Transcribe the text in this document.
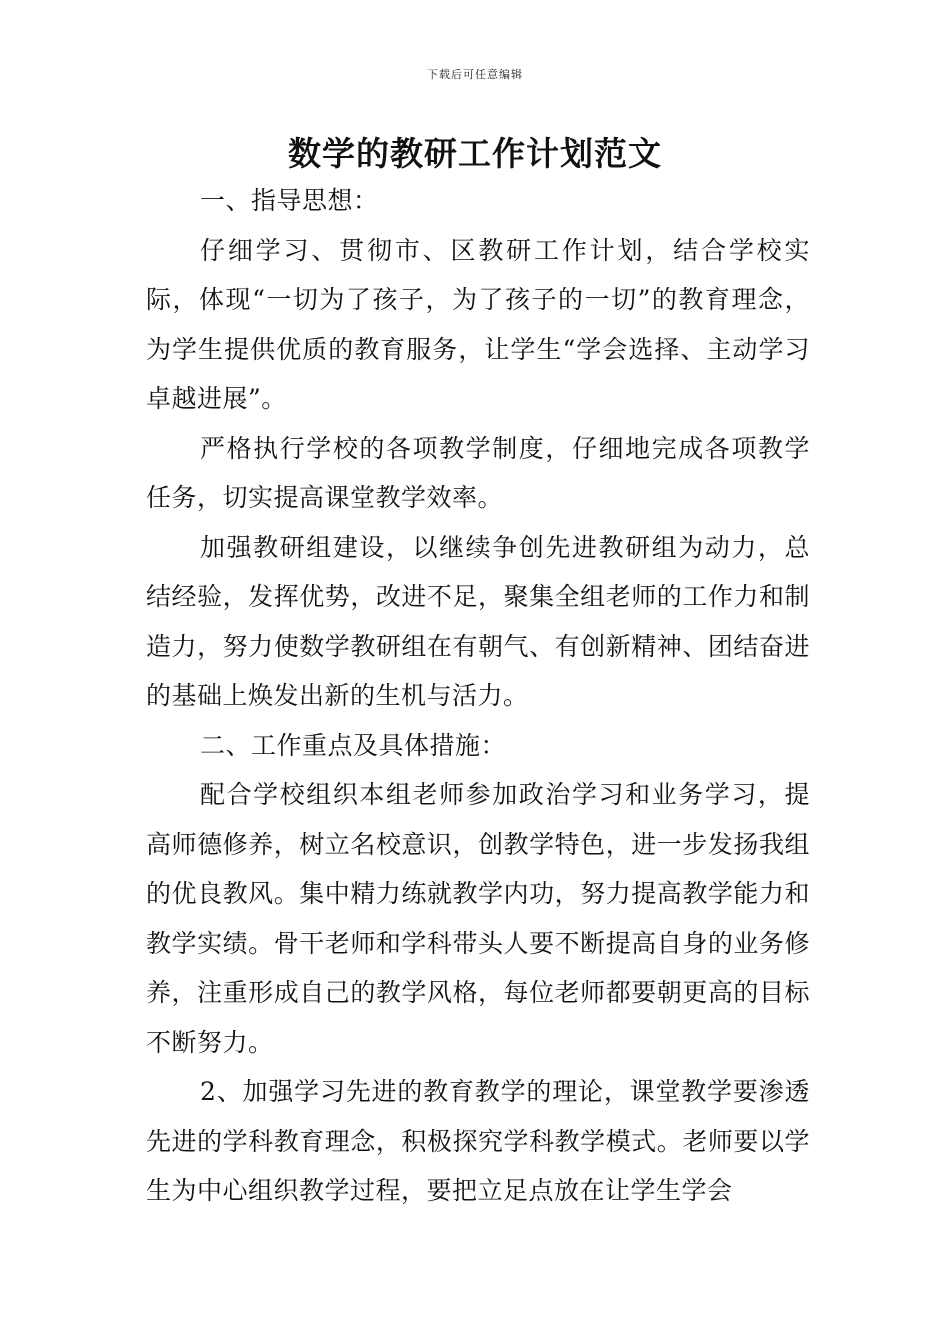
下载后可任意编辑
数学的教研工作计划范文

一、指导思想：

仔细学习、贯彻市、区教研工作计划，结合学校实际，体现“一切为了孩子，为了孩子的一切”的教育理念，为学生提供优质的教育服务，让学生“学会选择、主动学习卓越进展”。

严格执行学校的各项教学制度，仔细地完成各项教学任务，切实提高课堂教学效率。

加强教研组建设，以继续争创先进教研组为动力，总结经验，发挥优势，改进不足，聚集全组老师的工作力和制造力，努力使数学教研组在有朝气、有创新精神、团结奋进的基础上焕发出新的生机与活力。

二、工作重点及具体措施：

配合学校组织本组老师参加政治学习和业务学习，提高师德修养，树立名校意识，创教学特色，进一步发扬我组的优良教风。集中精力练就教学内功，努力提高教学能力和教学实绩。骨干老师和学科带头人要不断提高自身的业务修养，注重形成自己的教学风格，每位老师都要朝更高的目标不断努力。

2、加强学习先进的教育教学的理论，课堂教学要渗透先进的学科教育理念，积极探究学科教学模式。老师要以学生为中心组织教学过程，要把立足点放在让学生学会
